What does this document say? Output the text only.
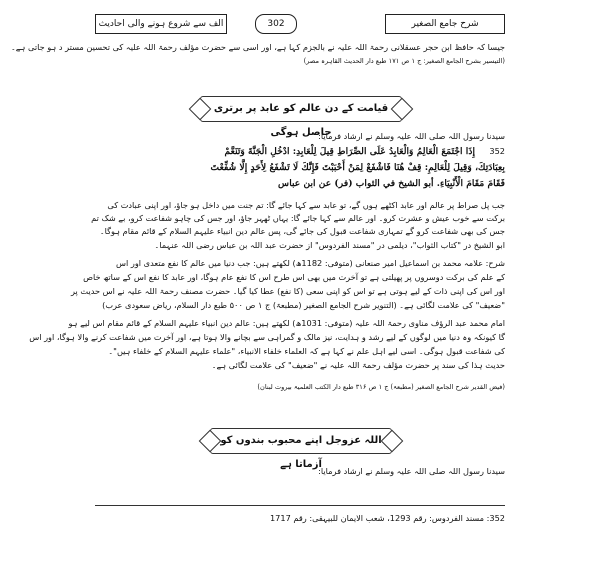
الف سے شروع ہونے والی احادیث	302	شرح جامع الصغیر
جیسا کہ حافظ ابن حجر عسقلانی رحمۃ اللہ علیہ نے بالجزم کہا ہے، اور اسی سے حضرت مؤلف رحمۃ اللہ علیہ کی تحسین مستر د ہو جاتی ہے۔
(التیسیر بشرح الجامع الصغیر: ج ۱ ص ۱۷۱ طبع دار الحدیث القاہرہ مصر)
قیامت کے دن عالم کو عابد پر برتری حاصل ہوگی
سیدنا رسول اللہ صلی اللہ علیہ وسلم نے ارشاد فرمایا:
إِذَا اجْتَمَعَ الْعَالِمُ وَالْعَابِدُ عَلَى الصِّرَاطِ قِيلَ لِلْعَابِدِ: ادْخُلِ الْجَنَّةَ وَتَنَعَّمْ	352
بِعِبَادَتِكَ، وَقِيلَ لِلْعَالِمِ: قِفْ هُنَا فَاشْفَعْ لِمَنْ أَحْبَبْتَ فَإِنَّكَ لَا تَشْفَعُ لِأَحَدٍ إِلَّا شُفِّعْتَ
فَقَامَ مَقَامَ الْأَنْبِيَاءِ. أبو الشيخ في الثواب (فر) عن ابن عباس
جب پل صراط پر عالم اور عابد اکٹھے ہوں گے، تو عابد سے کہا جائے گا: تم جنت میں داخل ہو جاؤ، اور اپنی عبادت کی
برکت سے خوب عیش و عشرت کرو۔ اور عالم سے کہا جائے گا: یہاں ٹھہر جاؤ، اور جس کی چاہو شفاعت کرو، بے شک تم
جس کی بھی شفاعت کرو گے تمہاری شفاعت قبول کی جائے گی، پس عالم دین انبیاء علیہم السلام کے قائم مقام ہوگا۔
ابو الشیخ در "کتاب الثواب"، دیلمی در "مسند الفردوس" از حضرت عبد اللہ بن عباس رضی اللہ عنہما۔
شرح: علامہ محمد بن اسماعیل امیر صنعانی (متوفی: 1182ھ) لکھتے ہیں: جب دنیا میں عالم کا نفع متعدی اور اس
کے علم کی برکت دوسروں پر پھیلتی ہے تو آخرت میں بھی اس طرح اس کا نفع عام ہوگا، اور عابد کا نفع اس کے ساتھ خاص
اور اس کی اپنی ذات کے لیے ہوتی ہے تو اس کو اپنی سعی (کا نفع) عطا کیا گیا۔ حضرت مصنف رحمۃ اللہ علیہ نے اس حدیث پر
"ضعیف" کی علامت لگائی ہے۔ (التنویر شرح الجامع الصغیر (مطبعۃ) ج ۱ ص ۵۰۰ طبع دار السلام، ریاض سعودی عرب)
امام محمد عبد الرؤف مناوی رحمۃ اللہ علیہ (متوفی: 1031ھ) لکھتے ہیں: عالم دین انبیاء علیہم السلام کے قائم مقام اس لیے ہو
گا کیونکہ وہ دنیا میں لوگوں کے لیے رشد و ہدایت، نیز مالک و گمراہی سے بچانے والا ہوتا ہے، اور آخرت میں شفاعت کرنے والا ہوگا، اور اس
کی شفاعت قبول ہوگی۔ اسی لیے اہل علم نے کہا ہے کہ العلماء خلفاء الانبیاء، "علماء علیہم السلام کے خلفاء ہیں"۔
حدیث ہذا کی سند پر حضرت مؤلف رحمۃ اللہ علیہ نے "ضعیف" کی علامت لگائی ہے۔
(فیض القدیر شرح الجامع الصغیر (مطبعۃ) ج ۱ ص ۳۱۶ طبع دار الکتب العلمیۃ بیروت لبنان)
اللہ عزوجل اپنے محبوب بندوں کو آزماتا ہے
سیدنا رسول اللہ صلی اللہ علیہ وسلم نے ارشاد فرمایا:
352: مسند الفردوس: رقم 1293، شعب الایمان للبیہقی: رقم 1717
